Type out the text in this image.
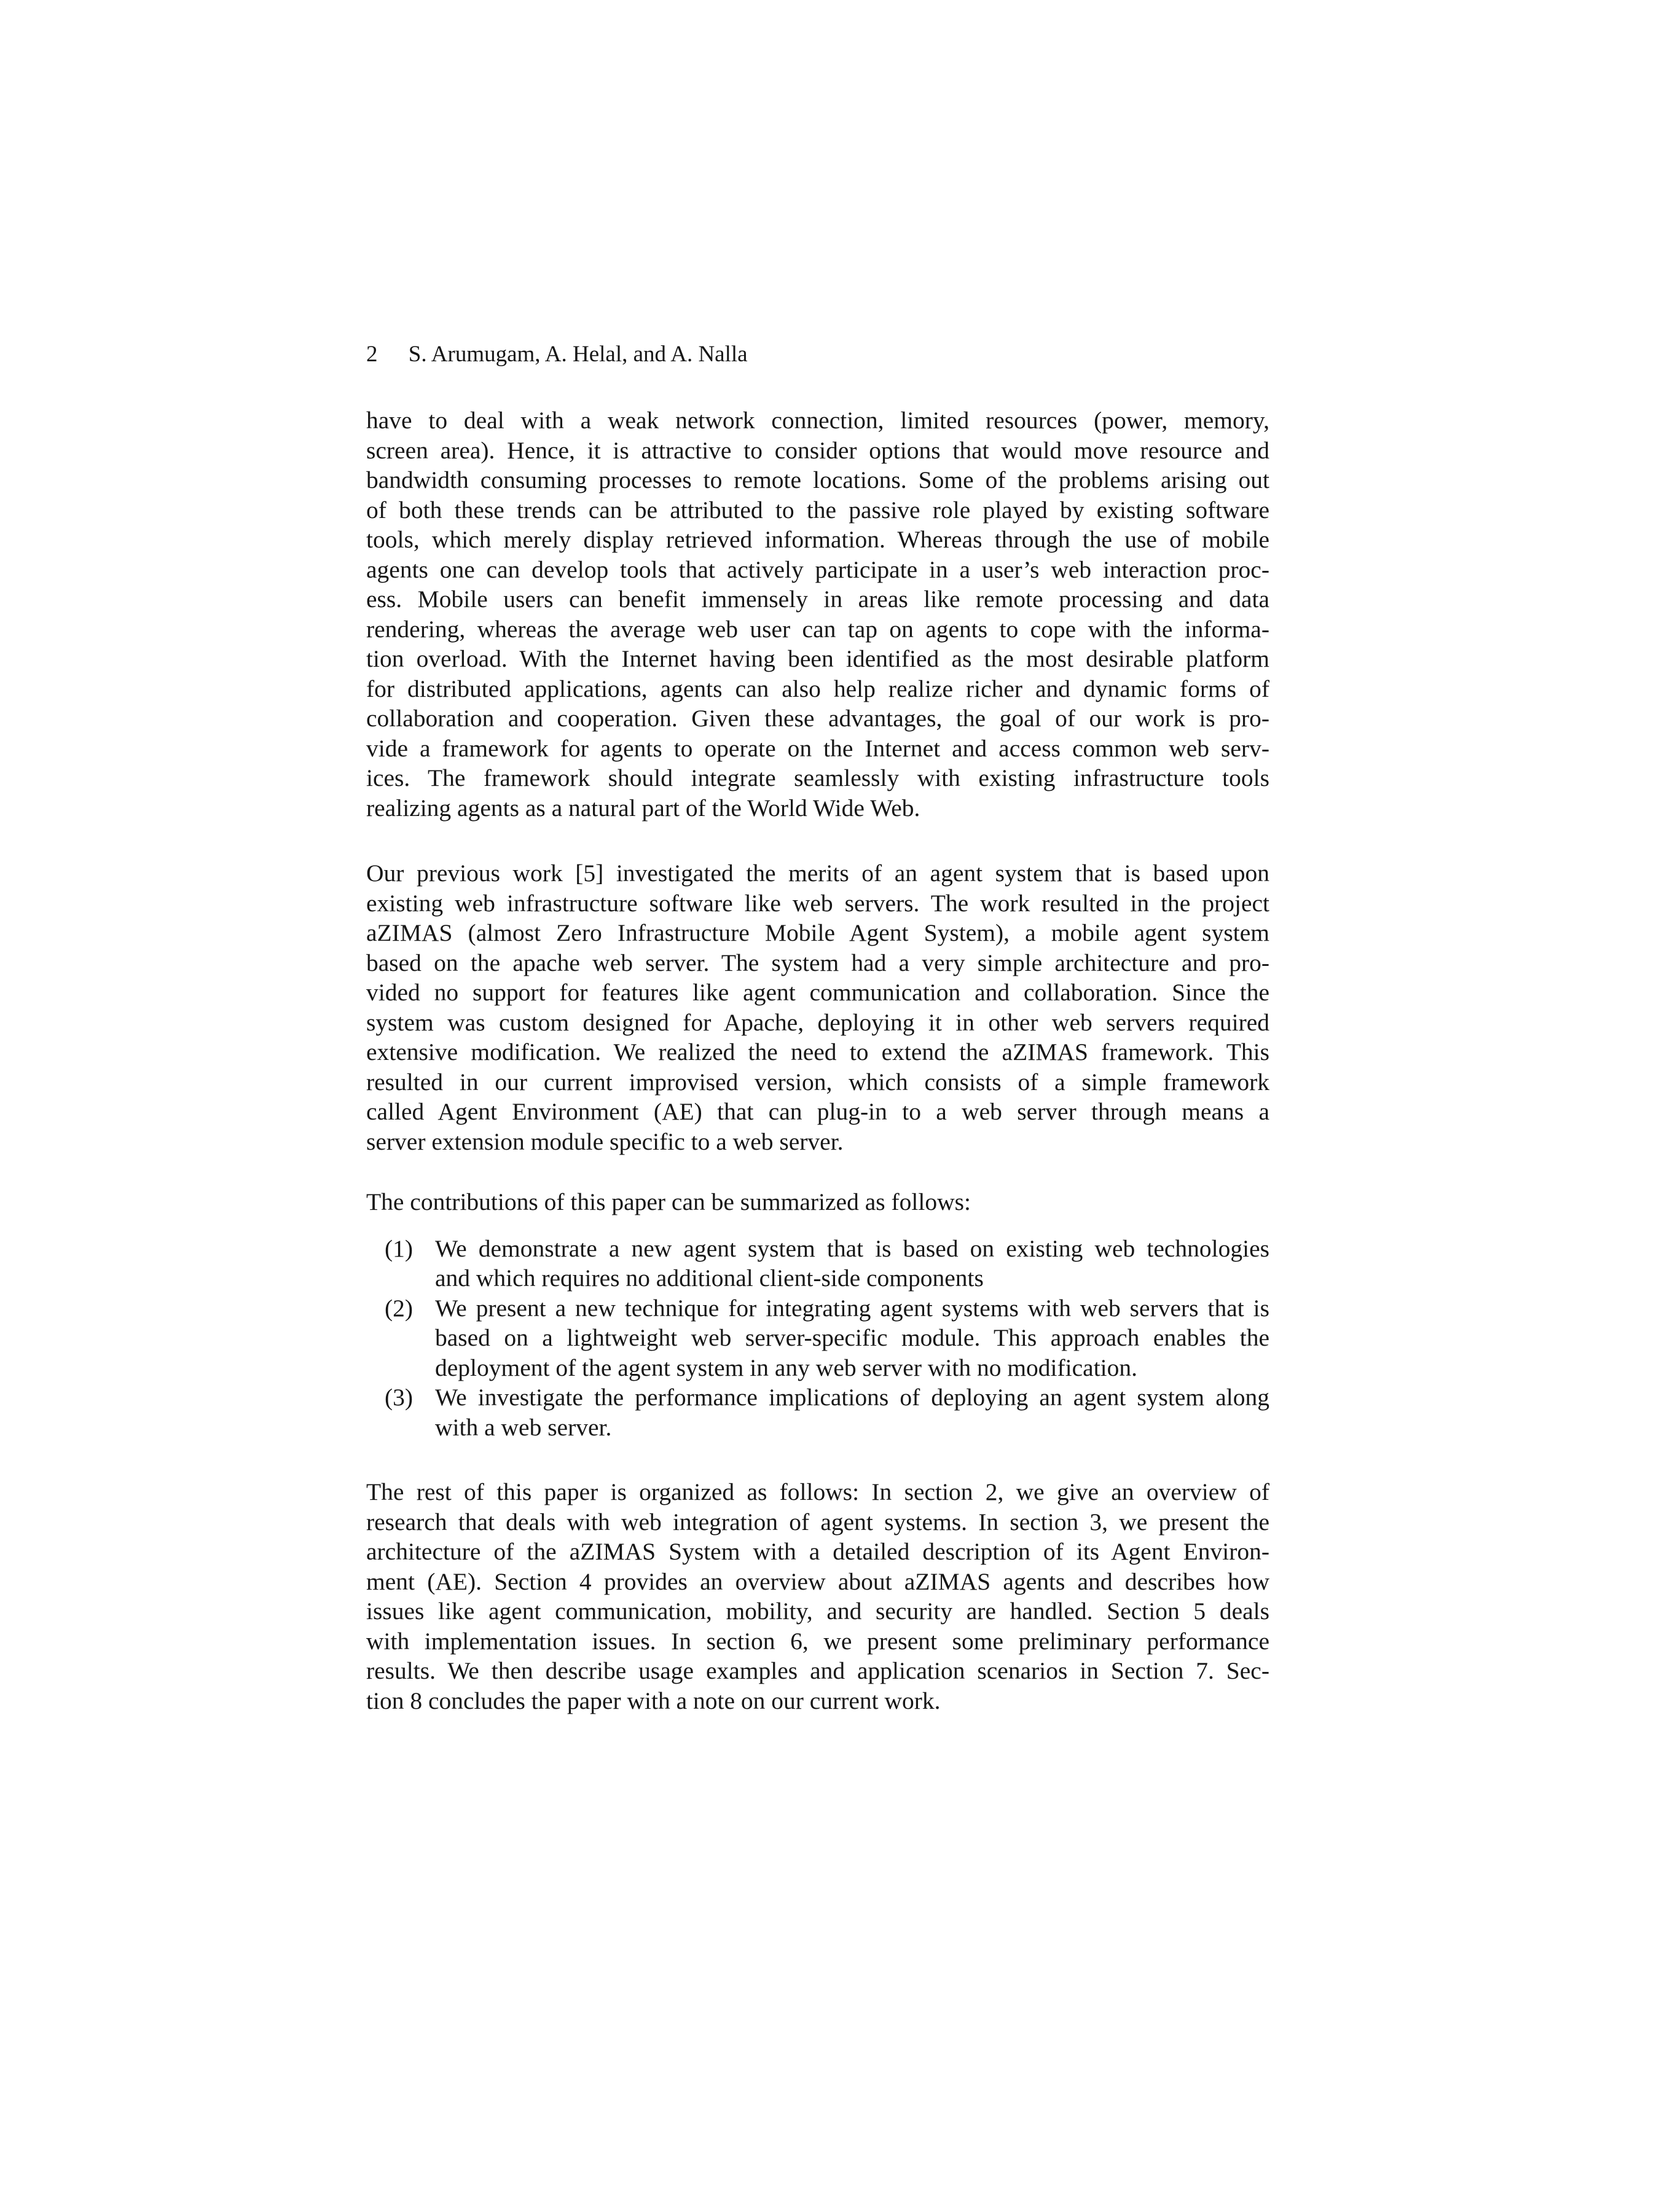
2 S. Arumugam, A. Helal, and A. Nalla
have to deal with a weak network connection, limited resources (power, memory,
screen area). Hence, it is attractive to consider options that would move resource and
bandwidth consuming processes to remote locations. Some of the problems arising out
of both these trends can be attributed to the passive role played by existing software
tools, which merely display retrieved information. Whereas through the use of mobile
agents one can develop tools that actively participate in a user’s web interaction proc-
ess. Mobile users can benefit immensely in areas like remote processing and data
rendering, whereas the average web user can tap on agents to cope with the informa-
tion overload. With the Internet having been identified as the most desirable platform
for distributed applications, agents can also help realize richer and dynamic forms of
collaboration and cooperation. Given these advantages, the goal of our work is pro-
vide a framework for agents to operate on the Internet and access common web serv-
ices. The framework should integrate seamlessly with existing infrastructure tools
realizing agents as a natural part of the World Wide Web.
Our previous work [5] investigated the merits of an agent system that is based upon
existing web infrastructure software like web servers. The work resulted in the project
aZIMAS (almost Zero Infrastructure Mobile Agent System), a mobile agent system
based on the apache web server. The system had a very simple architecture and pro-
vided no support for features like agent communication and collaboration. Since the
system was custom designed for Apache, deploying it in other web servers required
extensive modification. We realized the need to extend the aZIMAS framework. This
resulted in our current improvised version, which consists of a simple framework
called Agent Environment (AE) that can plug-in to a web server through means a
server extension module specific to a web server.
The contributions of this paper can be summarized as follows:
(1) We demonstrate a new agent system that is based on existing web technologies
and which requires no additional client-side components
(2) We present a new technique for integrating agent systems with web servers that is
based on a lightweight web server-specific module. This approach enables the
deployment of the agent system in any web server with no modification.
(3) We investigate the performance implications of deploying an agent system along
with a web server.
The rest of this paper is organized as follows: In section 2, we give an overview of
research that deals with web integration of agent systems. In section 3, we present the
architecture of the aZIMAS System with a detailed description of its Agent Environ-
ment (AE). Section 4 provides an overview about aZIMAS agents and describes how
issues like agent communication, mobility, and security are handled. Section 5 deals
with implementation issues. In section 6, we present some preliminary performance
results. We then describe usage examples and application scenarios in Section 7. Sec-
tion 8 concludes the paper with a note on our current work.
